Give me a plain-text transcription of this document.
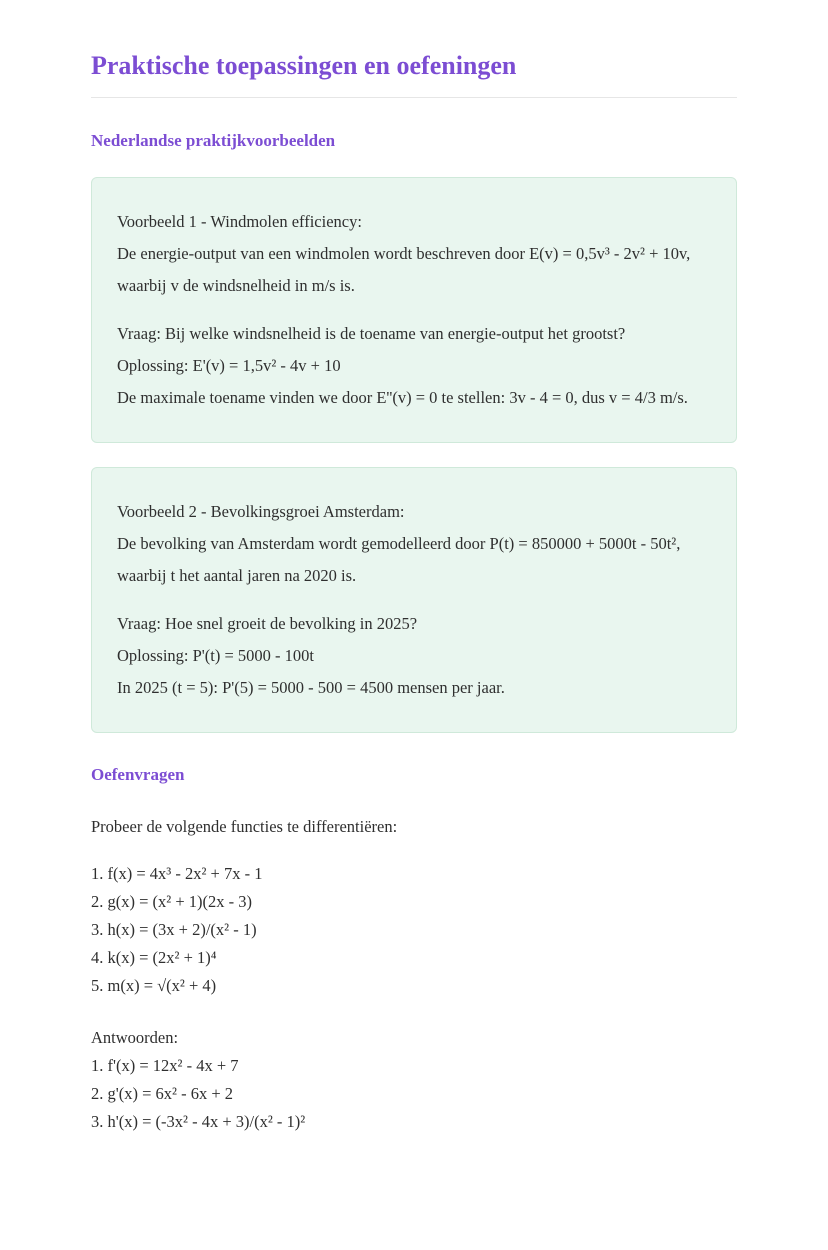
Praktische toepassingen en oefeningen
Nederlandse praktijkvoorbeelden
Voorbeeld 1 - Windmolen efficiency:
De energie-output van een windmolen wordt beschreven door E(v) = 0,5v³ - 2v² + 10v,
waarbij v de windsnelheid in m/s is.
Vraag: Bij welke windsnelheid is de toename van energie-output het grootst?
Oplossing: E'(v) = 1,5v² - 4v + 10
De maximale toename vinden we door E''(v) = 0 te stellen: 3v - 4 = 0, dus v = 4/3 m/s.
Voorbeeld 2 - Bevolkingsgroei Amsterdam:
De bevolking van Amsterdam wordt gemodelleerd door P(t) = 850000 + 5000t - 50t²,
waarbij t het aantal jaren na 2020 is.
Vraag: Hoe snel groeit de bevolking in 2025?
Oplossing: P'(t) = 5000 - 100t
In 2025 (t = 5): P'(5) = 5000 - 500 = 4500 mensen per jaar.
Oefenvragen

Probeer de volgende functies te differentiëren:

1. f(x) = 4x³ - 2x² + 7x - 1
2. g(x) = (x² + 1)(2x - 3)
3. h(x) = (3x + 2)/(x² - 1)
4. k(x) = (2x² + 1)⁴
5. m(x) = √(x² + 4)
Antwoorden:
1. f'(x) = 12x² - 4x + 7
2. g'(x) = 6x² - 6x + 2
3. h'(x) = (-3x² - 4x + 3)/(x² - 1)²
